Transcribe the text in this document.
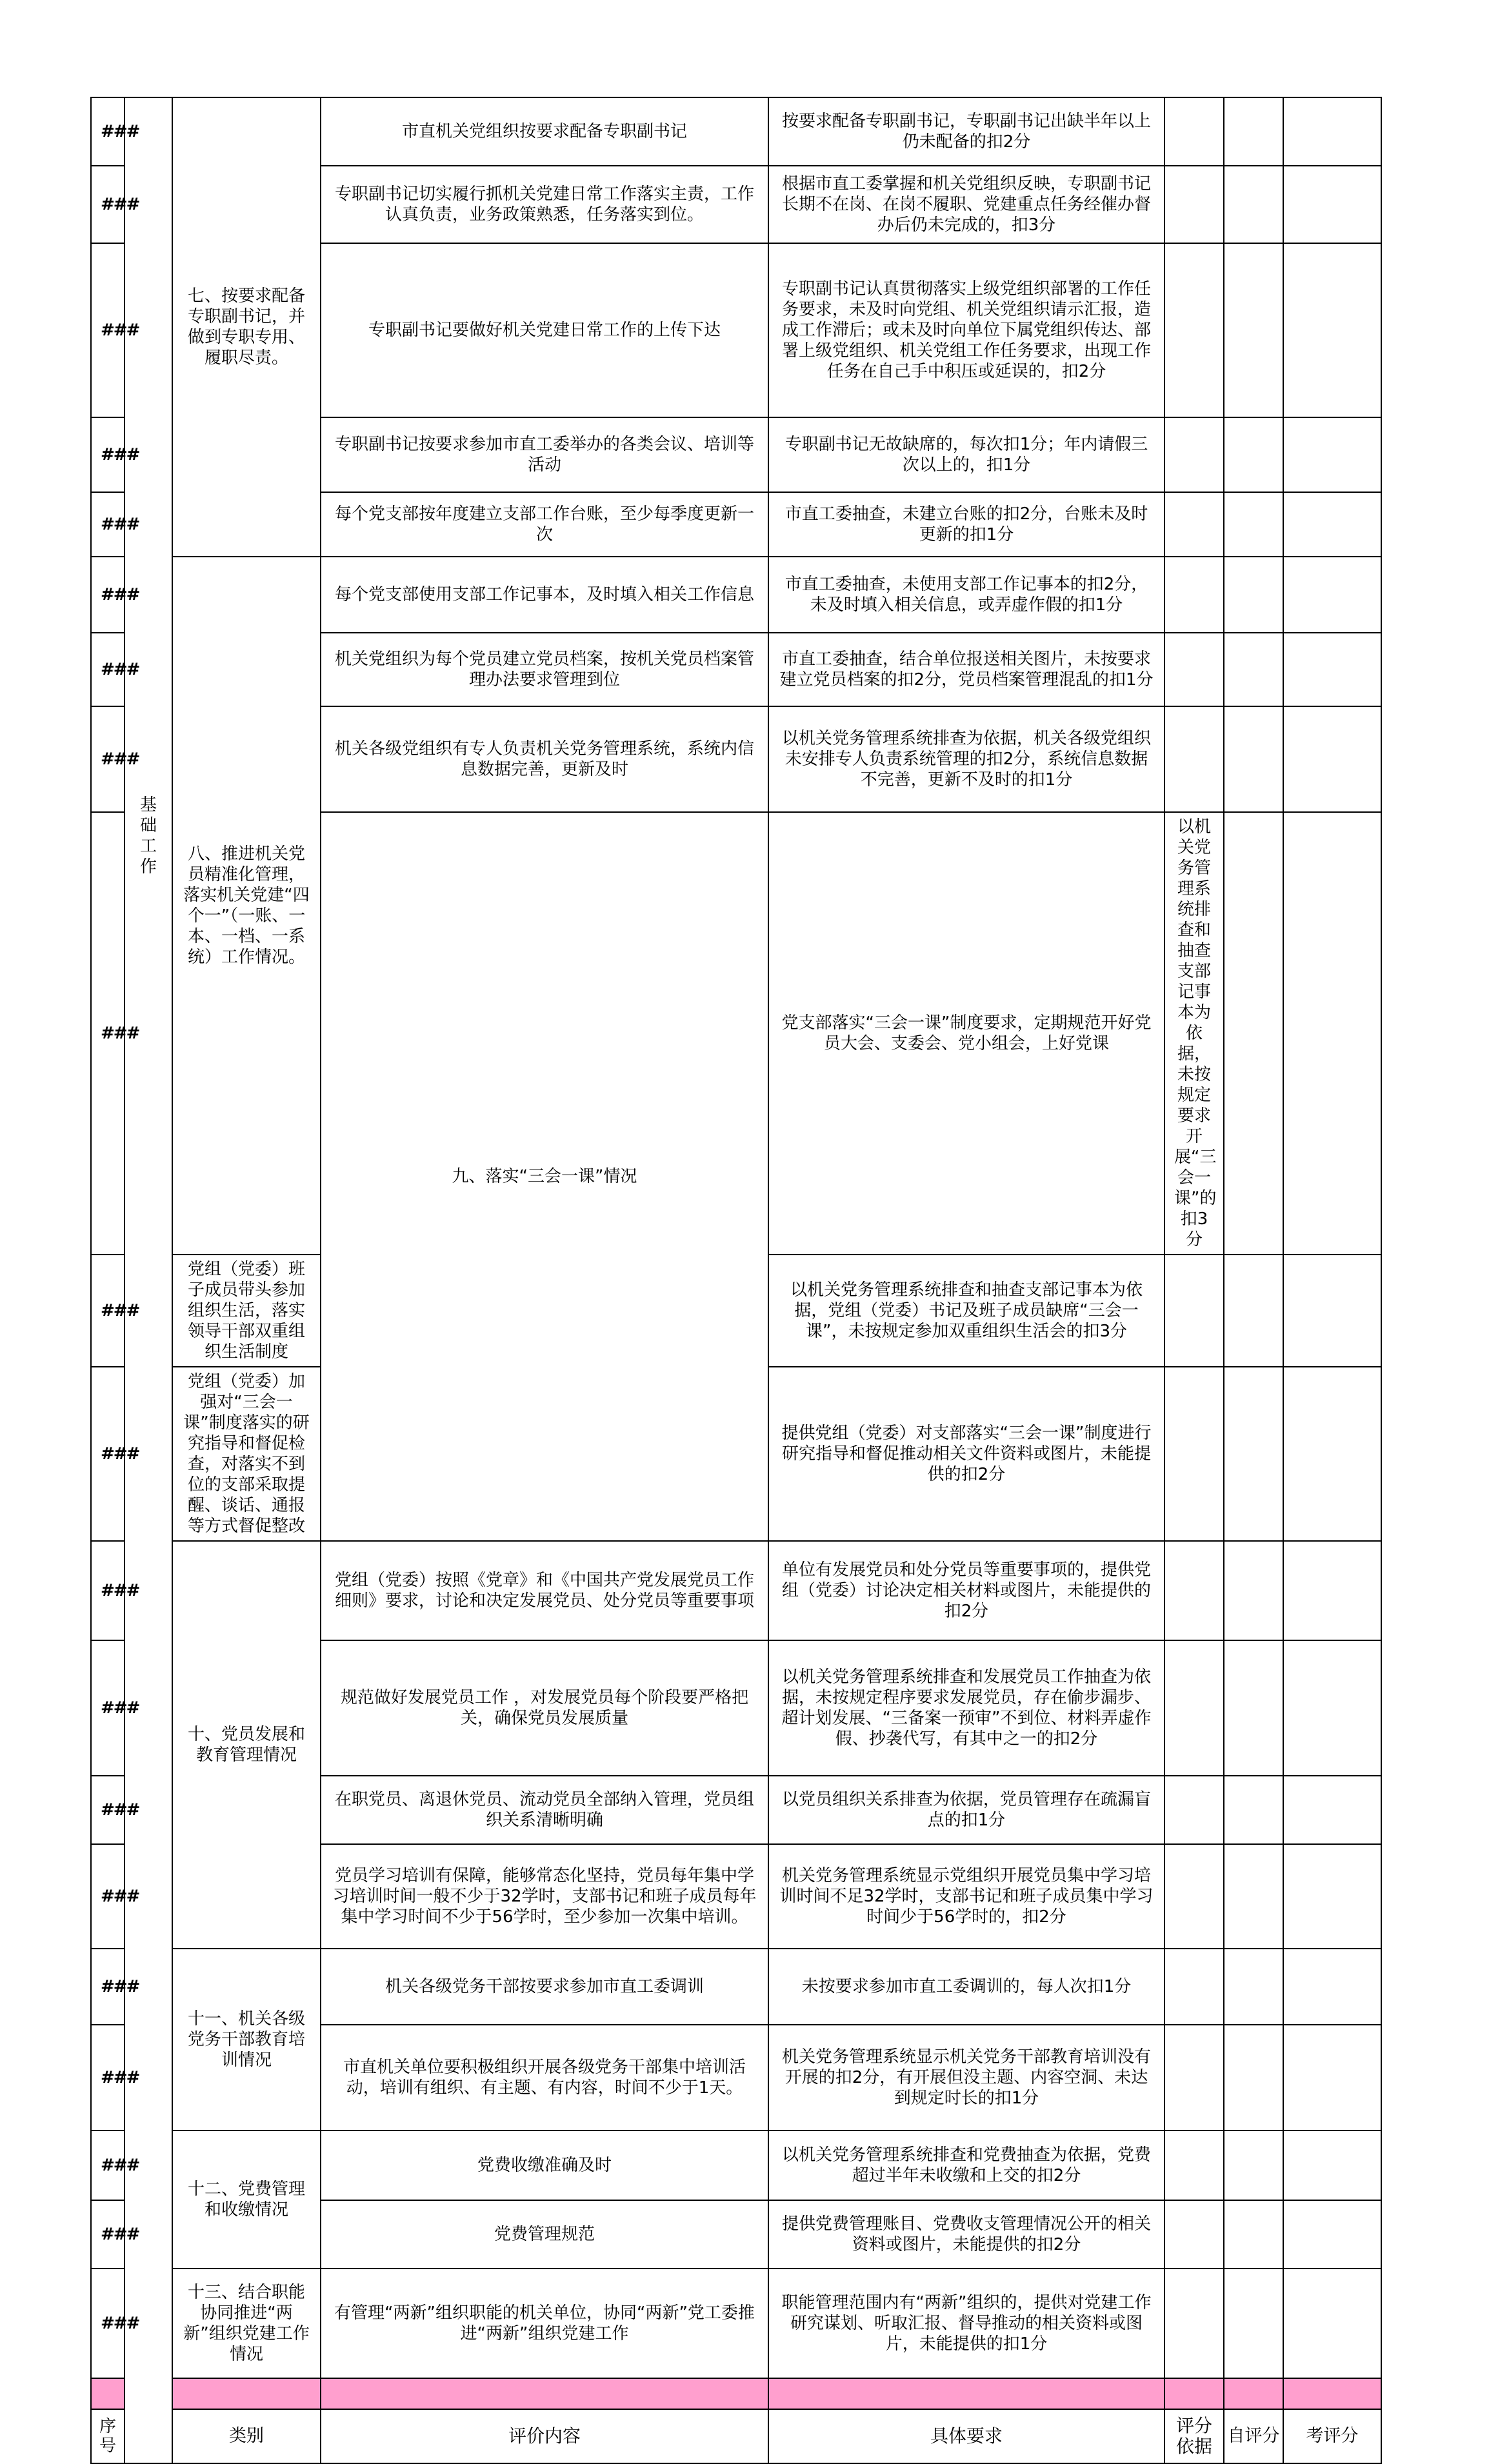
###	基础工作	七、按要求配备专职副书记，并做到专职专用、履职尽责。	市直机关党组织按要求配备专职副书记	按要求配备专职副书记，专职副书记出缺半年以上仍未配备的扣2分				
###			专职副书记切实履行抓机关党建日常工作落实主责，工作认真负责，业务政策熟悉，任务落实到位。	根据市直工委掌握和机关党组织反映，专职副书记长期不在岗、在岗不履职、党建重点任务经催办督办后仍未完成的，扣3分				
###			专职副书记要做好机关党建日常工作的上传下达	专职副书记认真贯彻落实上级党组织部署的工作任务要求，未及时向党组、机关党组织请示汇报，造成工作滞后；或未及时向单位下属党组织传达、部署上级党组织、机关党组工作任务要求，出现工作任务在自己手中积压或延误的，扣2分				
###			专职副书记按要求参加市直工委举办的各类会议、培训等活动	专职副书记无故缺席的，每次扣1分；年内请假三次以上的，扣1分				
###			每个党支部按年度建立支部工作台账，至少每季度更新一次	市直工委抽查，未建立台账的扣2分，台账未及时更新的扣1分				
###		八、推进机关党员精准化管理，落实机关党建“四个一”（一账、一本、一档、一系统）工作情况。	每个党支部使用支部工作记事本，及时填入相关工作信息	市直工委抽查，未使用支部工作记事本的扣2分，未及时填入相关信息，或弄虚作假的扣1分				
###			机关党组织为每个党员建立党员档案，按机关党员档案管理办法要求管理到位	市直工委抽查，结合单位报送相关图片，未按要求建立党员档案的扣2分，党员档案管理混乱的扣1分				
###			机关各级党组织有专人负责机关党务管理系统，系统内信息数据完善，更新及时	以机关党务管理系统排查为依据，机关各级党组织未安排专人负责系统管理的扣2分，系统信息数据不完善，更新不及时的扣1分				
###			九、落实“三会一课”情况	党支部落实“三会一课”制度要求，定期规范开好党员大会、支委会、党小组会，上好党课	以机关党务管理系统排查和抽查支部记事本为依据，未按规定要求开展“三会一课”的扣3分			
###		党组（党委）班子成员带头参加组织生活，落实领导干部双重组织生活制度		以机关党务管理系统排查和抽查支部记事本为依据，党组（党委）书记及班子成员缺席“三会一课”，未按规定参加双重组织生活会的扣3分				
###		党组（党委）加强对“三会一课”制度落实的研究指导和督促检查，对落实不到位的支部采取提醒、谈话、通报等方式督促整改		提供党组（党委）对支部落实“三会一课”制度进行研究指导和督促推动相关文件资料或图片，未能提供的扣2分				
###		十、党员发展和教育管理情况	党组（党委）按照《党章》和《中国共产党发展党员工作细则》要求，讨论和决定发展党员、处分党员等重要事项	单位有发展党员和处分党员等重要事项的，提供党组（党委）讨论决定相关材料或图片，未能提供的扣2分				
###			规范做好发展党员工作 ，对发展党员每个阶段要严格把关，确保党员发展质量	以机关党务管理系统排查和发展党员工作抽查为依据，未按规定程序要求发展党员，存在偷步漏步、超计划发展、“三备案一预审”不到位、材料弄虚作假、抄袭代写，有其中之一的扣2分				
###			在职党员、离退休党员、流动党员全部纳入管理，党员组织关系清晰明确	以党员组织关系排查为依据，党员管理存在疏漏盲点的扣1分				
###			党员学习培训有保障，能够常态化坚持，党员每年集中学习培训时间一般不少于32学时，支部书记和班子成员每年集中学习时间不少于56学时，至少参加一次集中培训。	机关党务管理系统显示党组织开展党员集中学习培训时间不足32学时，支部书记和班子成员集中学习时间少于56学时的，扣2分				
###		十一、机关各级党务干部教育培训情况	机关各级党务干部按要求参加市直工委调训	未按要求参加市直工委调训的，每人次扣1分				
###			市直机关单位要积极组织开展各级党务干部集中培训活动，培训有组织、有主题、有内容，时间不少于1天。	机关党务管理系统显示机关党务干部教育培训没有开展的扣2分，有开展但没主题、内容空洞、未达到规定时长的扣1分				
###		十二、党费管理和收缴情况	党费收缴准确及时	以机关党务管理系统排查和党费抽查为依据，党费超过半年未收缴和上交的扣2分				
###			党费管理规范	提供党费管理账目、党费收支管理情况公开的相关资料或图片，未能提供的扣2分				
###		十三、结合职能协同推进“两新”组织党建工作情况	有管理“两新”组织职能的机关单位，协同“两新”党工委推进“两新”组织党建工作	职能管理范围内有“两新”组织的，提供对党建工作研究谋划、听取汇报、督导推动的相关资料或图片，未能提供的扣1分				

序号		类别	评价内容	具体要求	评分依据	自评分	考评分	
